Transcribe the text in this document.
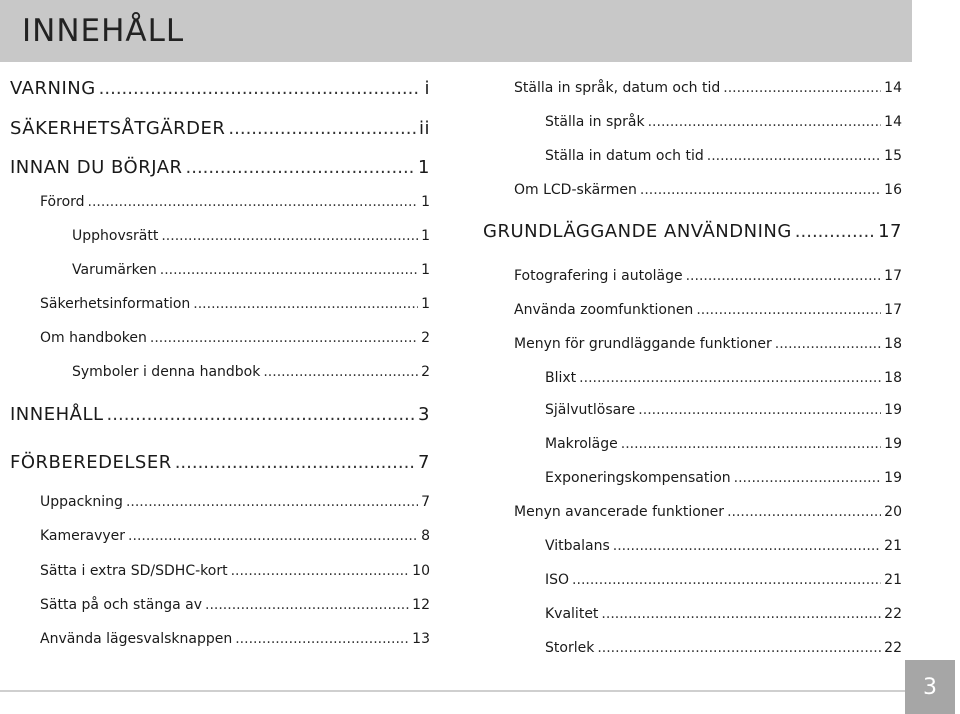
INNEHÅLL
VARNING .....	i
SÄKERHETSÅTGÄRDER .....	ii
INNAN DU BÖRJAR .....	1
Förord .....	1
Upphovsrätt .....	1
Varumärken .....	1
Säkerhetsinformation .....	1
Om handboken .....	2
Symboler i denna handbok .....	2
INNEHÅLL .....	3
FÖRBEREDELSER .....	7
Uppackning .....	7
Kameravyer .....	8
Sätta i extra SD/SDHC-kort .....	10
Sätta på och stänga av .....	12
Använda lägesvalsknappen .....	13
Ställa in språk, datum och tid .....	14
Ställa in språk .....	14
Ställa in datum och tid .....	15
Om LCD-skärmen .....	16
GRUNDLÄGGANDE ANVÄNDNING .....	17
Fotografering i autoläge .....	17
Använda zoomfunktionen .....	17
Menyn för grundläggande funktioner .....	18
Blixt .....	18
Självutlösare .....	19
Makroläge .....	19
Exponeringskompensation .....	19
Menyn avancerade funktioner .....	20
Vitbalans .....	21
ISO .....	21
Kvalitet .....	22
Storlek .....	22
3
